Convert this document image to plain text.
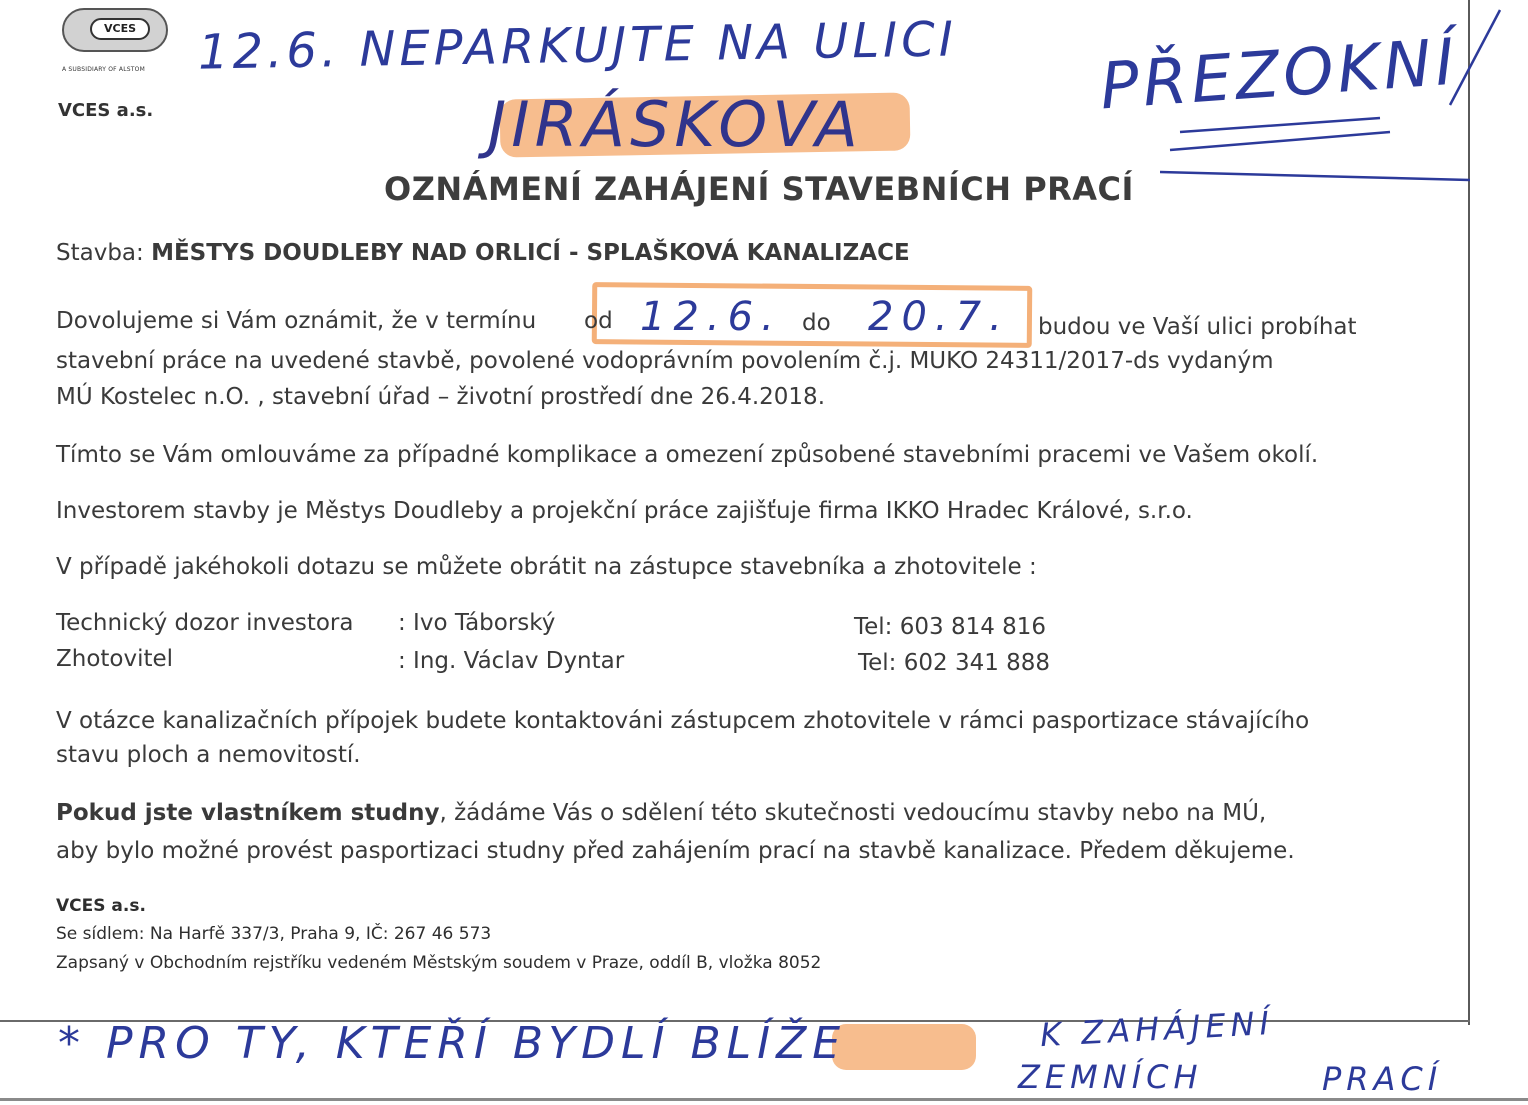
VCES
A SUBSIDIARY OF ALSTOM
VCES a.s.
12.6. NEPARKUJTE NA ULICI PŘEZOKNÍ
JIRÁSKOVA
OZNÁMENÍ ZAHÁJENÍ STAVEBNÍCH PRACÍ
Stavba: MĚSTYS DOUDLEBY NAD ORLICÍ - SPLAŠKOVÁ KANALIZACE
Dovolujeme si Vám oznámit, že v termínu od 12.6. do 20.7. budou ve Vaší ulici probíhat
stavební práce na uvedené stavbě, povolené vodoprávním povolením č.j. MUKO 24311/2017-ds vydaným
MÚ Kostelec n.O. , stavební úřad – životní prostředí dne 26.4.2018.
Tímto se Vám omlouváme za případné komplikace a omezení způsobené stavebními pracemi ve Vašem okolí.
Investorem stavby je Městys Doudleby a projekční práce zajišťuje firma IKKO Hradec Králové, s.r.o.
V případě jakéhokoli dotazu se můžete obrátit na zástupce stavebníka a zhotovitele :
Technický dozor investora : Ivo Táborský	Tel: 603 814 816
Zhotovitel	: Ing. Václav Dyntar	Tel: 602 341 888
V otázce kanalizačních přípojek budete kontaktováni zástupcem zhotovitele v rámci pasportizace stávajícího
stavu ploch a nemovitostí.
Pokud jste vlastníkem studny, žádáme Vás o sdělení této skutečnosti vedoucímu stavby nebo na MÚ,
aby bylo možné provést pasportizaci studny před zahájením prací na stavbě kanalizace. Předem děkujeme.
VCES a.s.
Se sídlem: Na Harfě 337/3, Praha 9, IČ: 267 46 573
Zapsaný v Obchodním rejstříku vedeném Městským soudem v Praze, oddíl B, vložka 8052
* PRO TY, KTEŘÍ BYDLÍ BLÍŽE	K ZAHÁJENÍ
ZEMNÍCH	PRACÍ
